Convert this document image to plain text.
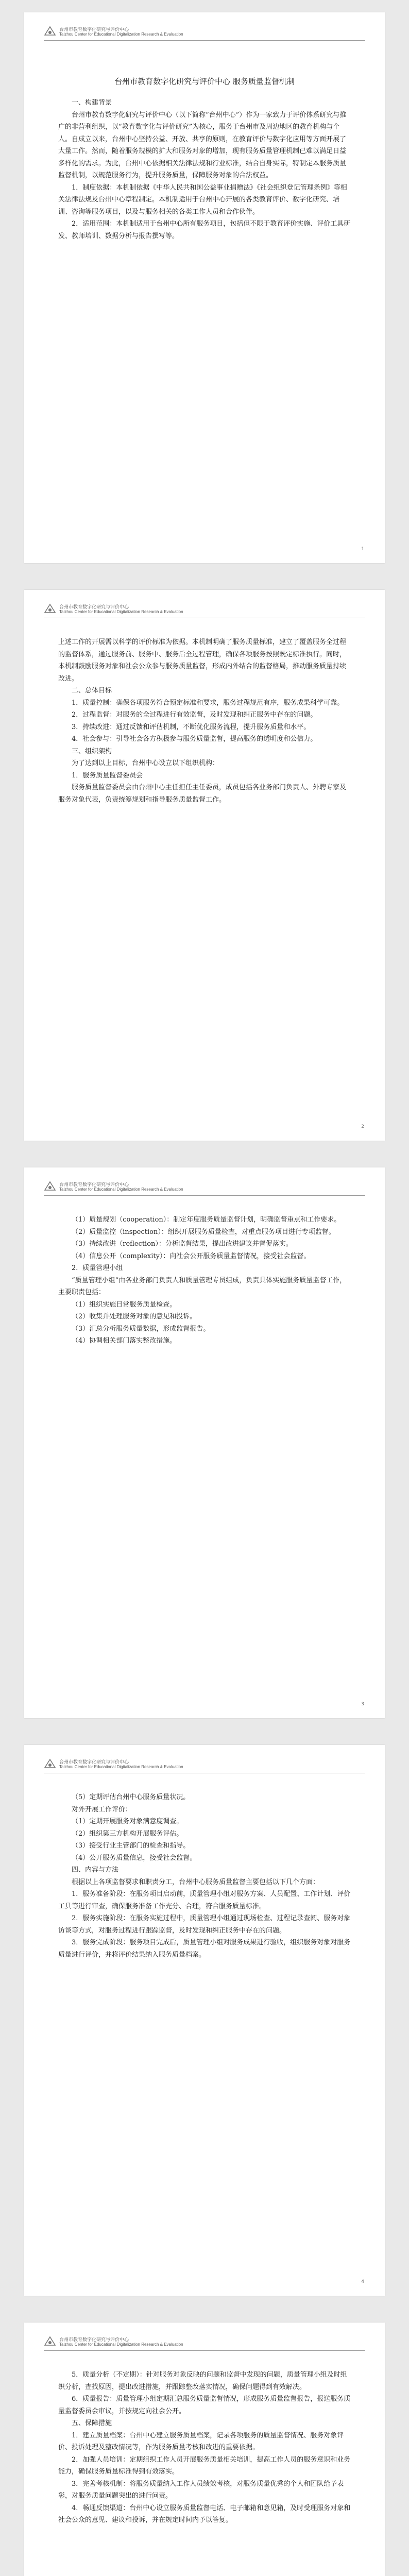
台州市教育数字化研究与评价中心
Taizhou Center for Educational Digitalization Research & Evaluation
台州市教育数字化研究与评价中心 服务质量监督机制

一、构建背景

台州市教育数字化研究与评价中心（以下简称“台州中心”）作为一家致力于评价体系研究与推广的非营利组织，以“教育数字化与评价研究”为核心，服务于台州市及周边地区的教育机构与个人。自成立以来，台州中心坚持公益、开放、共享的原则，在教育评价与数字化应用等方面开展了大量工作。然而，随着服务规模的扩大和服务对象的增加，现有服务质量管理机制已难以满足日益多样化的需求。为此，台州中心依据相关法律法规和行业标准，结合自身实际，特制定本服务质量监督机制，以规范服务行为，提升服务质量，保障服务对象的合法权益。

1．制度依据：本机制依据《中华人民共和国公益事业捐赠法》《社会组织登记管理条例》等相关法律法规及台州中心章程制定。本机制适用于台州中心开展的各类教育评价、数字化研究、培训、咨询等服务项目，以及与服务相关的各类工作人员和合作伙伴。

2．适用范围：本机制适用于台州中心所有服务项目，包括但不限于教育评价实施、评价工具研发、教师培训、数据分析与报告撰写等。

1
台州市教育数字化研究与评价中心
Taizhou Center for Educational Digitalization Research & Evaluation

上述工作的开展需以科学的评价标准为依据。本机制明确了服务质量标准，建立了覆盖服务全过程的监督体系，通过服务前、服务中、服务后全过程管理，确保各项服务按照既定标准执行。同时，本机制鼓励服务对象和社会公众参与服务质量监督，形成内外结合的监督格局，推动服务质量持续改进。

二、总体目标

1．质量控制：确保各项服务符合预定标准和要求，服务过程规范有序，服务成果科学可靠。

2．过程监督：对服务的全过程进行有效监督，及时发现和纠正服务中存在的问题。

3．持续改进：通过反馈和评估机制，不断优化服务流程，提升服务质量和水平。

4．社会参与：引导社会各方积极参与服务质量监督，提高服务的透明度和公信力。

三、组织架构

为了达到以上目标，台州中心设立以下组织机构：

1．服务质量监督委员会

服务质量监督委员会由台州中心主任担任主任委员，成员包括各业务部门负责人、外聘专家及服务对象代表，负责统筹规划和指导服务质量监督工作。

2
台州市教育数字化研究与评价中心
Taizhou Center for Educational Digitalization Research & Evaluation

（1）质量规划（cooperation）：制定年度服务质量监督计划，明确监督重点和工作要求。

（2）质量监控（inspection）：组织开展服务质量检查，对重点服务项目进行专项监督。

（3）持续改进（reflection）：分析监督结果，提出改进建议并督促落实。

（4）信息公开（complexity）：向社会公开服务质量监督情况，接受社会监督。

2．质量管理小组

“质量管理小组”由各业务部门负责人和质量管理专员组成，负责具体实施服务质量监督工作，主要职责包括：

（1）组织实施日常服务质量检查。

（2）收集并处理服务对象的意见和投诉。

（3）汇总分析服务质量数据，形成监督报告。

（4）协调相关部门落实整改措施。

3
台州市教育数字化研究与评价中心
Taizhou Center for Educational Digitalization Research & Evaluation

（5）定期评估台州中心服务质量状况。

对外开展工作评价：

（1）定期开展服务对象满意度调查。

（2）组织第三方机构开展服务评估。

（3）接受行业主管部门的检查和指导。

（4）公开服务质量信息，接受社会监督。

四、内容与方法

根据以上各项监督要求和职责分工，台州中心服务质量监督主要包括以下几个方面：

1．服务准备阶段：在服务项目启动前，质量管理小组对服务方案、人员配置、工作计划、评价工具等进行审查，确保服务准备工作充分、合理，符合服务质量标准。

2．服务实施阶段：在服务实施过程中，质量管理小组通过现场检查、过程记录查阅、服务对象访谈等方式，对服务过程进行跟踪监督，及时发现和纠正服务中存在的问题。

3．服务完成阶段：服务项目完成后，质量管理小组对服务成果进行验收，组织服务对象对服务质量进行评价，并将评价结果纳入服务质量档案。

4
台州市教育数字化研究与评价中心
Taizhou Center for Educational Digitalization Research & Evaluation

5．质量分析（不定期）：针对服务对象反映的问题和监督中发现的问题，质量管理小组及时组织分析，查找原因，提出改进措施，并跟踪整改落实情况，确保问题得到有效解决。

6．质量报告：质量管理小组定期汇总服务质量监督情况，形成服务质量监督报告，报送服务质量监督委员会审议，并按规定向社会公开。

五、保障措施

1．建立质量档案：台州中心建立服务质量档案，记录各项服务的质量监督情况、服务对象评价、投诉处理及整改情况等，作为服务质量考核和改进的重要依据。

2．加强人员培训：定期组织工作人员开展服务质量相关培训，提高工作人员的服务意识和业务能力，确保服务质量标准得到有效落实。

3．完善考核机制：将服务质量纳入工作人员绩效考核，对服务质量优秀的个人和团队给予表彰，对服务质量问题突出的进行问责。

4．畅通反馈渠道：台州中心设立服务质量监督电话、电子邮箱和意见箱，及时受理服务对象和社会公众的意见、建议和投诉，并在规定时间内予以答复。
